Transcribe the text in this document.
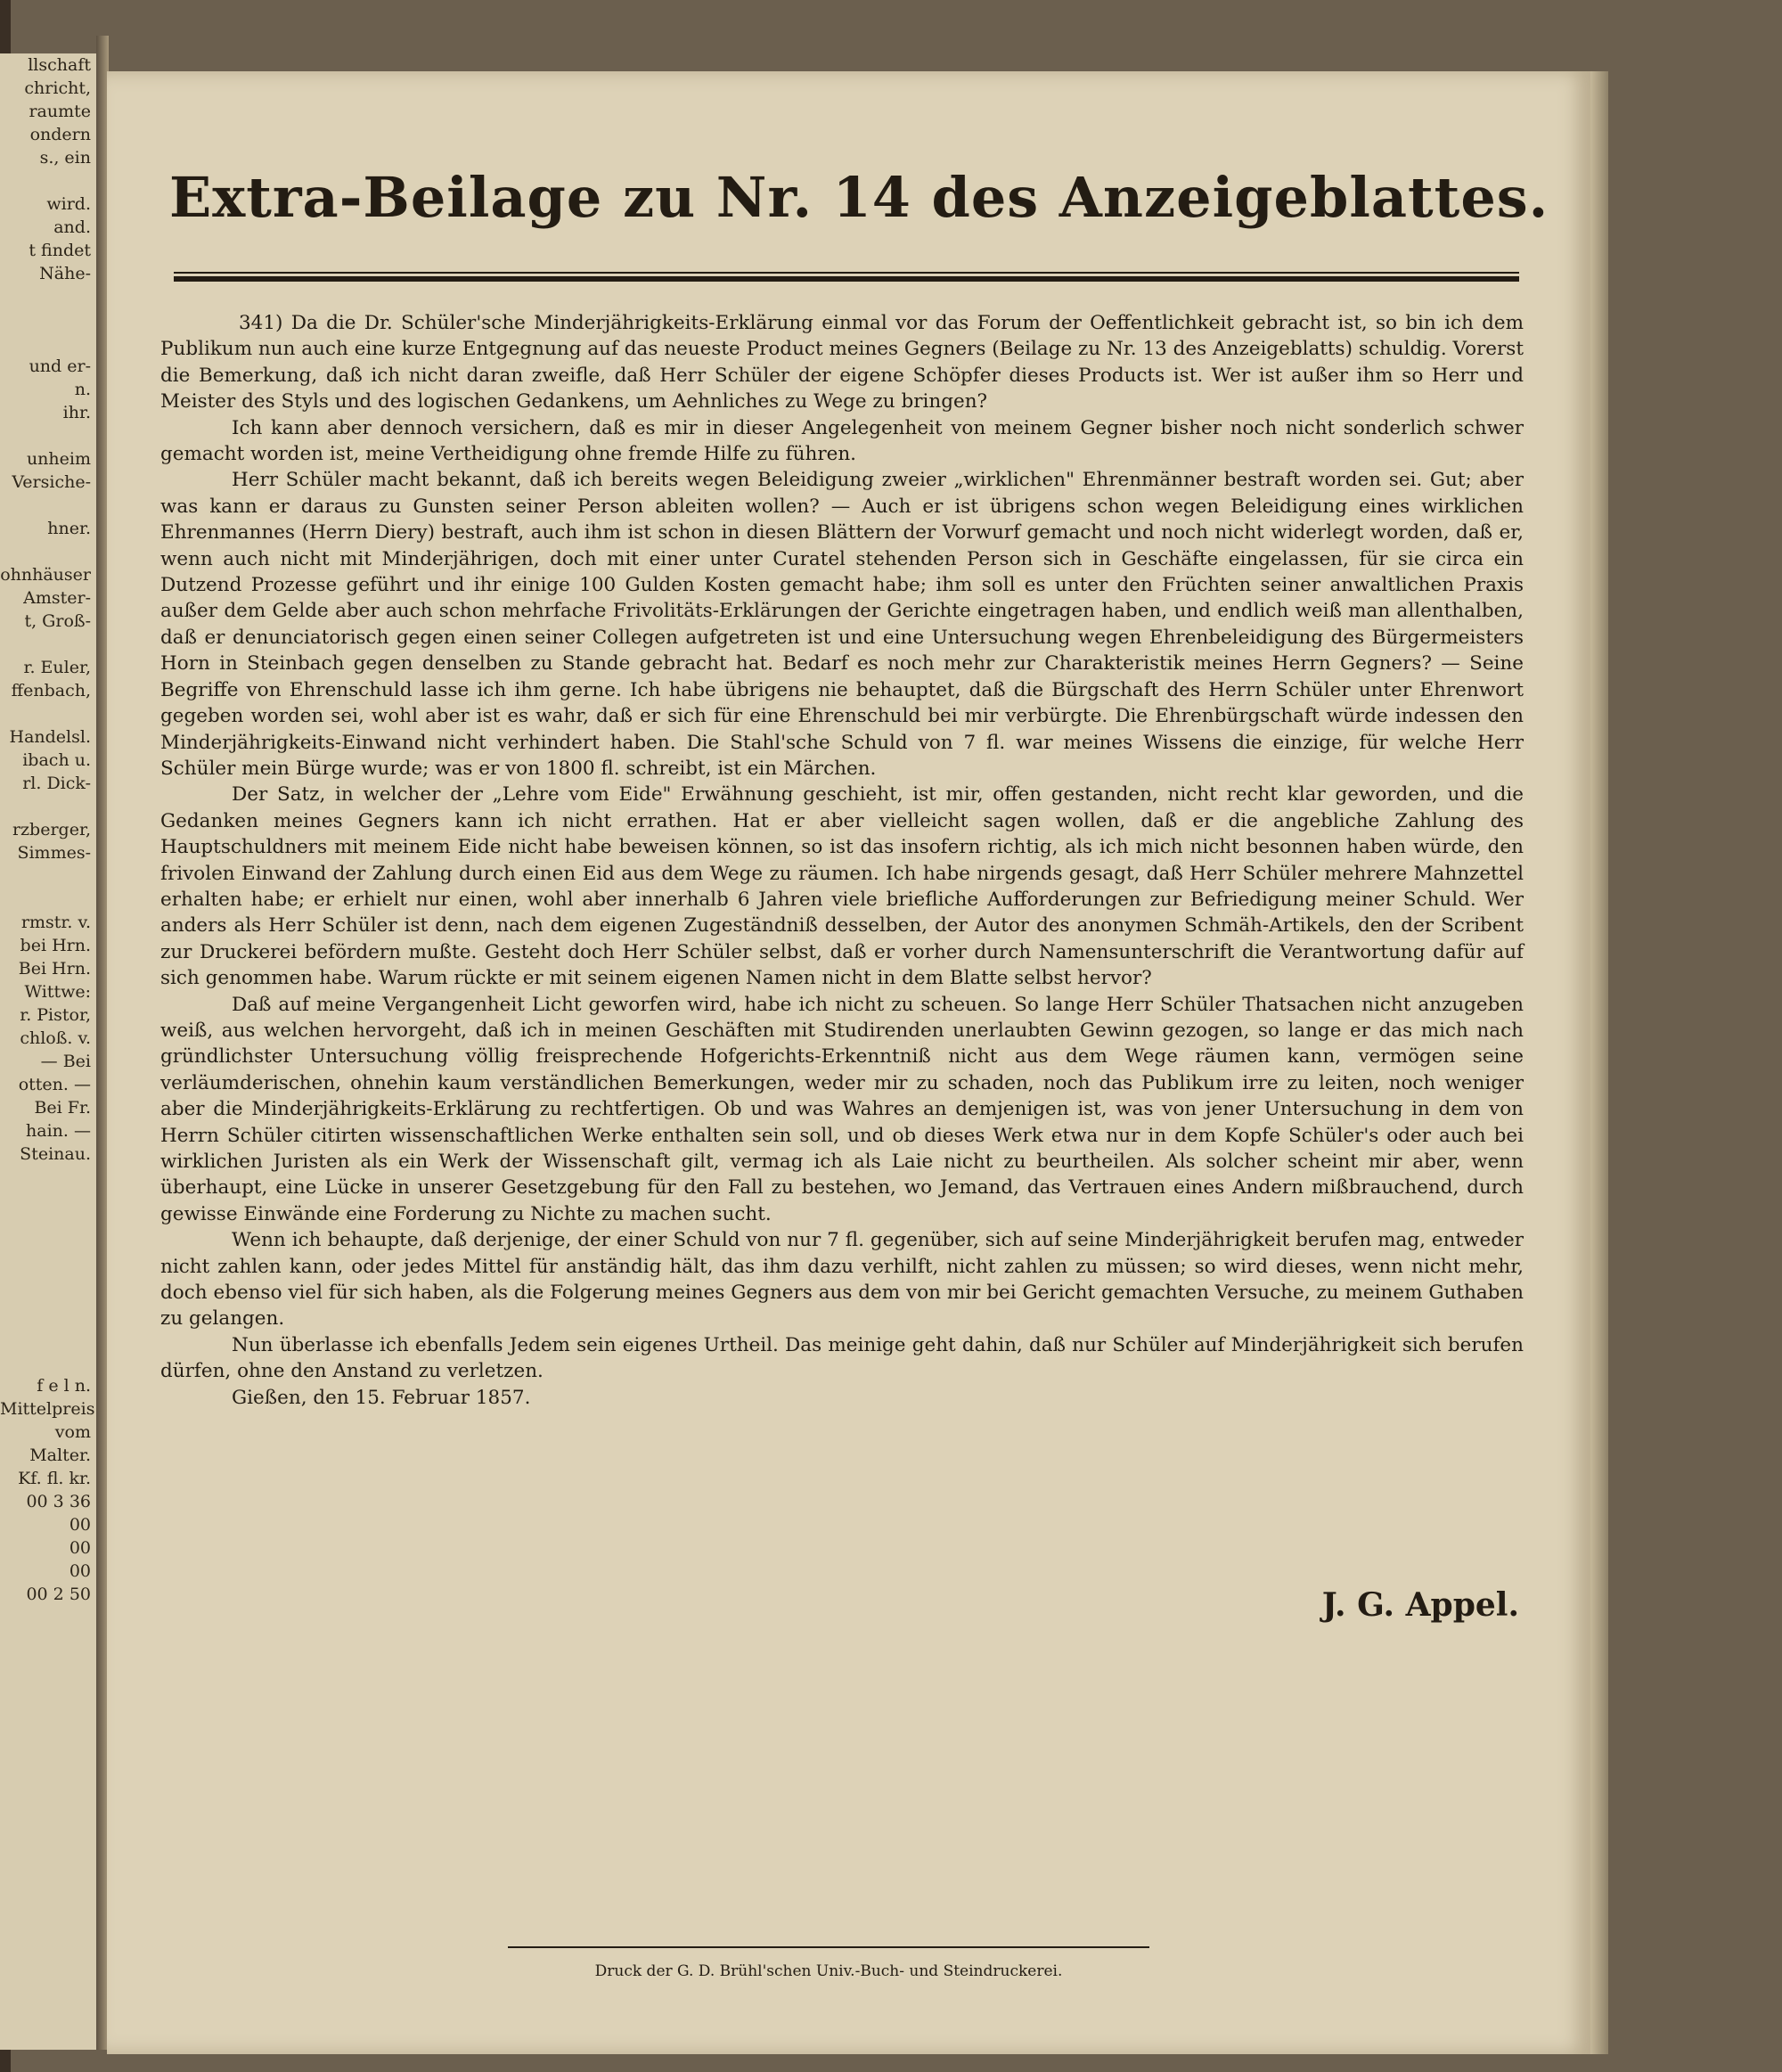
llschaft
chricht,
raumte
ondern
s., ein

wird.
and.
t findet
Nähe-

und er-
n.
ihr.

unheim
Versiche-

hner.

ohnhäuser
Amster-
t, Groß-

r. Euler,
ffenbach,

Handelsl.
ibach u.
rl. Dick-

rzberger,
Simmes-

rmstr. v.
bei Hrn.
Bei Hrn.
Wittwe:
r. Pistor,
chloß. v.
— Bei
otten. —
Bei Fr.
hain. —
Steinau.

f e l n.
Mittelpreis
vom
Malter.
Kf. fl. kr.
00 3 36
00
00
00
00 2 50
Extra-Beilage zu Nr. 14 des Anzeigeblattes.

341) Da die Dr. Schüler'sche Minderjährigkeits-Erklärung einmal vor das Forum der Oeffentlichkeit gebracht ist, so bin ich dem Publikum nun auch eine kurze Entgegnung auf das neueste Product meines Gegners (Beilage zu Nr. 13 des Anzeigeblatts) schuldig. Vorerst die Bemerkung, daß ich nicht daran zweifle, daß Herr Schüler der eigene Schöpfer dieses Products ist. Wer ist außer ihm so Herr und Meister des Styls und des logischen Gedankens, um Aehnliches zu Wege zu bringen?

Ich kann aber dennoch versichern, daß es mir in dieser Angelegenheit von meinem Gegner bisher noch nicht sonderlich schwer gemacht worden ist, meine Vertheidigung ohne fremde Hilfe zu führen.

Herr Schüler macht bekannt, daß ich bereits wegen Beleidigung zweier „wirklichen" Ehrenmänner bestraft worden sei. Gut; aber was kann er daraus zu Gunsten seiner Person ableiten wollen? — Auch er ist übrigens schon wegen Beleidigung eines wirklichen Ehrenmannes (Herrn Diery) bestraft, auch ihm ist schon in diesen Blättern der Vorwurf gemacht und noch nicht widerlegt worden, daß er, wenn auch nicht mit Minderjährigen, doch mit einer unter Curatel stehenden Person sich in Geschäfte eingelassen, für sie circa ein Dutzend Prozesse geführt und ihr einige 100 Gulden Kosten gemacht habe; ihm soll es unter den Früchten seiner anwaltlichen Praxis außer dem Gelde aber auch schon mehrfache Frivolitäts-Erklärungen der Gerichte eingetragen haben, und endlich weiß man allenthalben, daß er denunciatorisch gegen einen seiner Collegen aufgetreten ist und eine Untersuchung wegen Ehrenbeleidigung des Bürgermeisters Horn in Steinbach gegen denselben zu Stande gebracht hat. Bedarf es noch mehr zur Charakteristik meines Herrn Gegners? — Seine Begriffe von Ehrenschuld lasse ich ihm gerne. Ich habe übrigens nie behauptet, daß die Bürgschaft des Herrn Schüler unter Ehrenwort gegeben worden sei, wohl aber ist es wahr, daß er sich für eine Ehrenschuld bei mir verbürgte. Die Ehrenbürgschaft würde indessen den Minderjährigkeits-Einwand nicht verhindert haben. Die Stahl'sche Schuld von 7 fl. war meines Wissens die einzige, für welche Herr Schüler mein Bürge wurde; was er von 1800 fl. schreibt, ist ein Märchen.

Der Satz, in welcher der „Lehre vom Eide" Erwähnung geschieht, ist mir, offen gestanden, nicht recht klar geworden, und die Gedanken meines Gegners kann ich nicht errathen. Hat er aber vielleicht sagen wollen, daß er die angebliche Zahlung des Hauptschuldners mit meinem Eide nicht habe beweisen können, so ist das insofern richtig, als ich mich nicht besonnen haben würde, den frivolen Einwand der Zahlung durch einen Eid aus dem Wege zu räumen. Ich habe nirgends gesagt, daß Herr Schüler mehrere Mahnzettel erhalten habe; er erhielt nur einen, wohl aber innerhalb 6 Jahren viele briefliche Aufforderungen zur Befriedigung meiner Schuld. Wer anders als Herr Schüler ist denn, nach dem eigenen Zugeständniß desselben, der Autor des anonymen Schmäh-Artikels, den der Scribent zur Druckerei befördern mußte. Gesteht doch Herr Schüler selbst, daß er vorher durch Namensunterschrift die Verantwortung dafür auf sich genommen habe. Warum rückte er mit seinem eigenen Namen nicht in dem Blatte selbst hervor?

Daß auf meine Vergangenheit Licht geworfen wird, habe ich nicht zu scheuen. So lange Herr Schüler Thatsachen nicht anzugeben weiß, aus welchen hervorgeht, daß ich in meinen Geschäften mit Studirenden unerlaubten Gewinn gezogen, so lange er das mich nach gründlichster Untersuchung völlig freisprechende Hofgerichts-Erkenntniß nicht aus dem Wege räumen kann, vermögen seine verläumderischen, ohnehin kaum verständlichen Bemerkungen, weder mir zu schaden, noch das Publikum irre zu leiten, noch weniger aber die Minderjährigkeits-Erklärung zu rechtfertigen. Ob und was Wahres an demjenigen ist, was von jener Untersuchung in dem von Herrn Schüler citirten wissenschaftlichen Werke enthalten sein soll, und ob dieses Werk etwa nur in dem Kopfe Schüler's oder auch bei wirklichen Juristen als ein Werk der Wissenschaft gilt, vermag ich als Laie nicht zu beurtheilen. Als solcher scheint mir aber, wenn überhaupt, eine Lücke in unserer Gesetzgebung für den Fall zu bestehen, wo Jemand, das Vertrauen eines Andern mißbrauchend, durch gewisse Einwände eine Forderung zu Nichte zu machen sucht.

Wenn ich behaupte, daß derjenige, der einer Schuld von nur 7 fl. gegenüber, sich auf seine Minderjährigkeit berufen mag, entweder nicht zahlen kann, oder jedes Mittel für anständig hält, das ihm dazu verhilft, nicht zahlen zu müssen; so wird dieses, wenn nicht mehr, doch ebenso viel für sich haben, als die Folgerung meines Gegners aus dem von mir bei Gericht gemachten Versuche, zu meinem Guthaben zu gelangen.

Nun überlasse ich ebenfalls Jedem sein eigenes Urtheil. Das meinige geht dahin, daß nur Schüler auf Minderjährigkeit sich berufen dürfen, ohne den Anstand zu verletzen.

Gießen, den 15. Februar 1857.

J. G. Appel.
Druck der G. D. Brühl'schen Univ.-Buch- und Steindruckerei.
